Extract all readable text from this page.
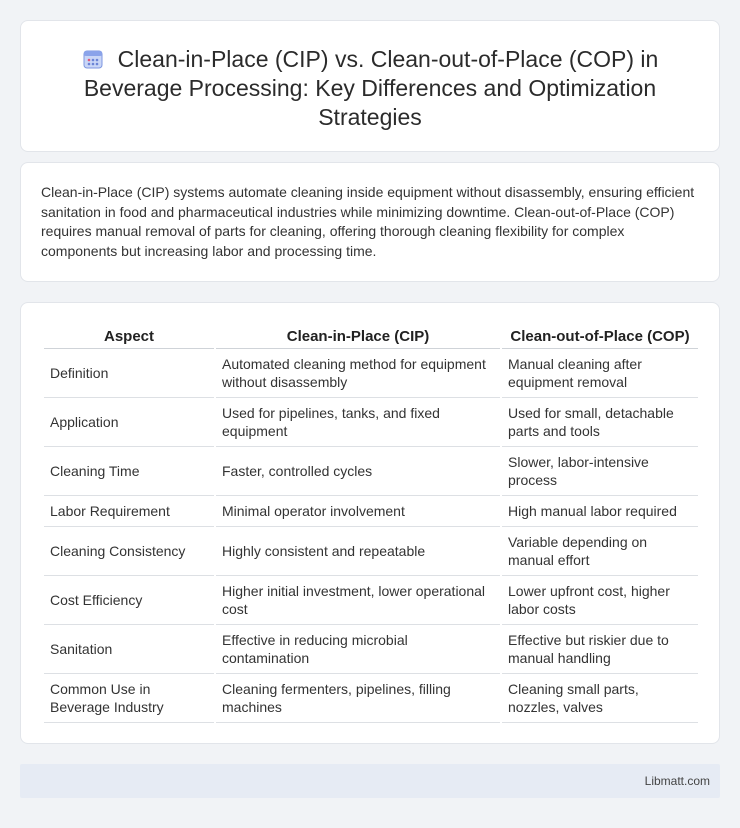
Clean-in-Place (CIP) vs. Clean-out-of-Place (COP) in Beverage Processing: Key Differences and Optimization Strategies

Clean-in-Place (CIP) systems automate cleaning inside equipment without disassembly, ensuring efficient sanitation in food and pharmaceutical industries while minimizing downtime. Clean-out-of-Place (COP) requires manual removal of parts for cleaning, offering thorough cleaning flexibility for complex components but increasing labor and processing time.

Aspect	Clean-in-Place (CIP)	Clean-out-of-Place (COP)
Definition	Automated cleaning method for equipment without disassembly	Manual cleaning after equipment removal
Application	Used for pipelines, tanks, and fixed equipment	Used for small, detachable parts and tools
Cleaning Time	Faster, controlled cycles	Slower, labor-intensive process
Labor Requirement	Minimal operator involvement	High manual labor required
Cleaning Consistency	Highly consistent and repeatable	Variable depending on manual effort
Cost Efficiency	Higher initial investment, lower operational cost	Lower upfront cost, higher labor costs
Sanitation	Effective in reducing microbial contamination	Effective but riskier due to manual handling
Common Use in Beverage Industry	Cleaning fermenters, pipelines, filling machines	Cleaning small parts, nozzles, valves
Libmatt.com
